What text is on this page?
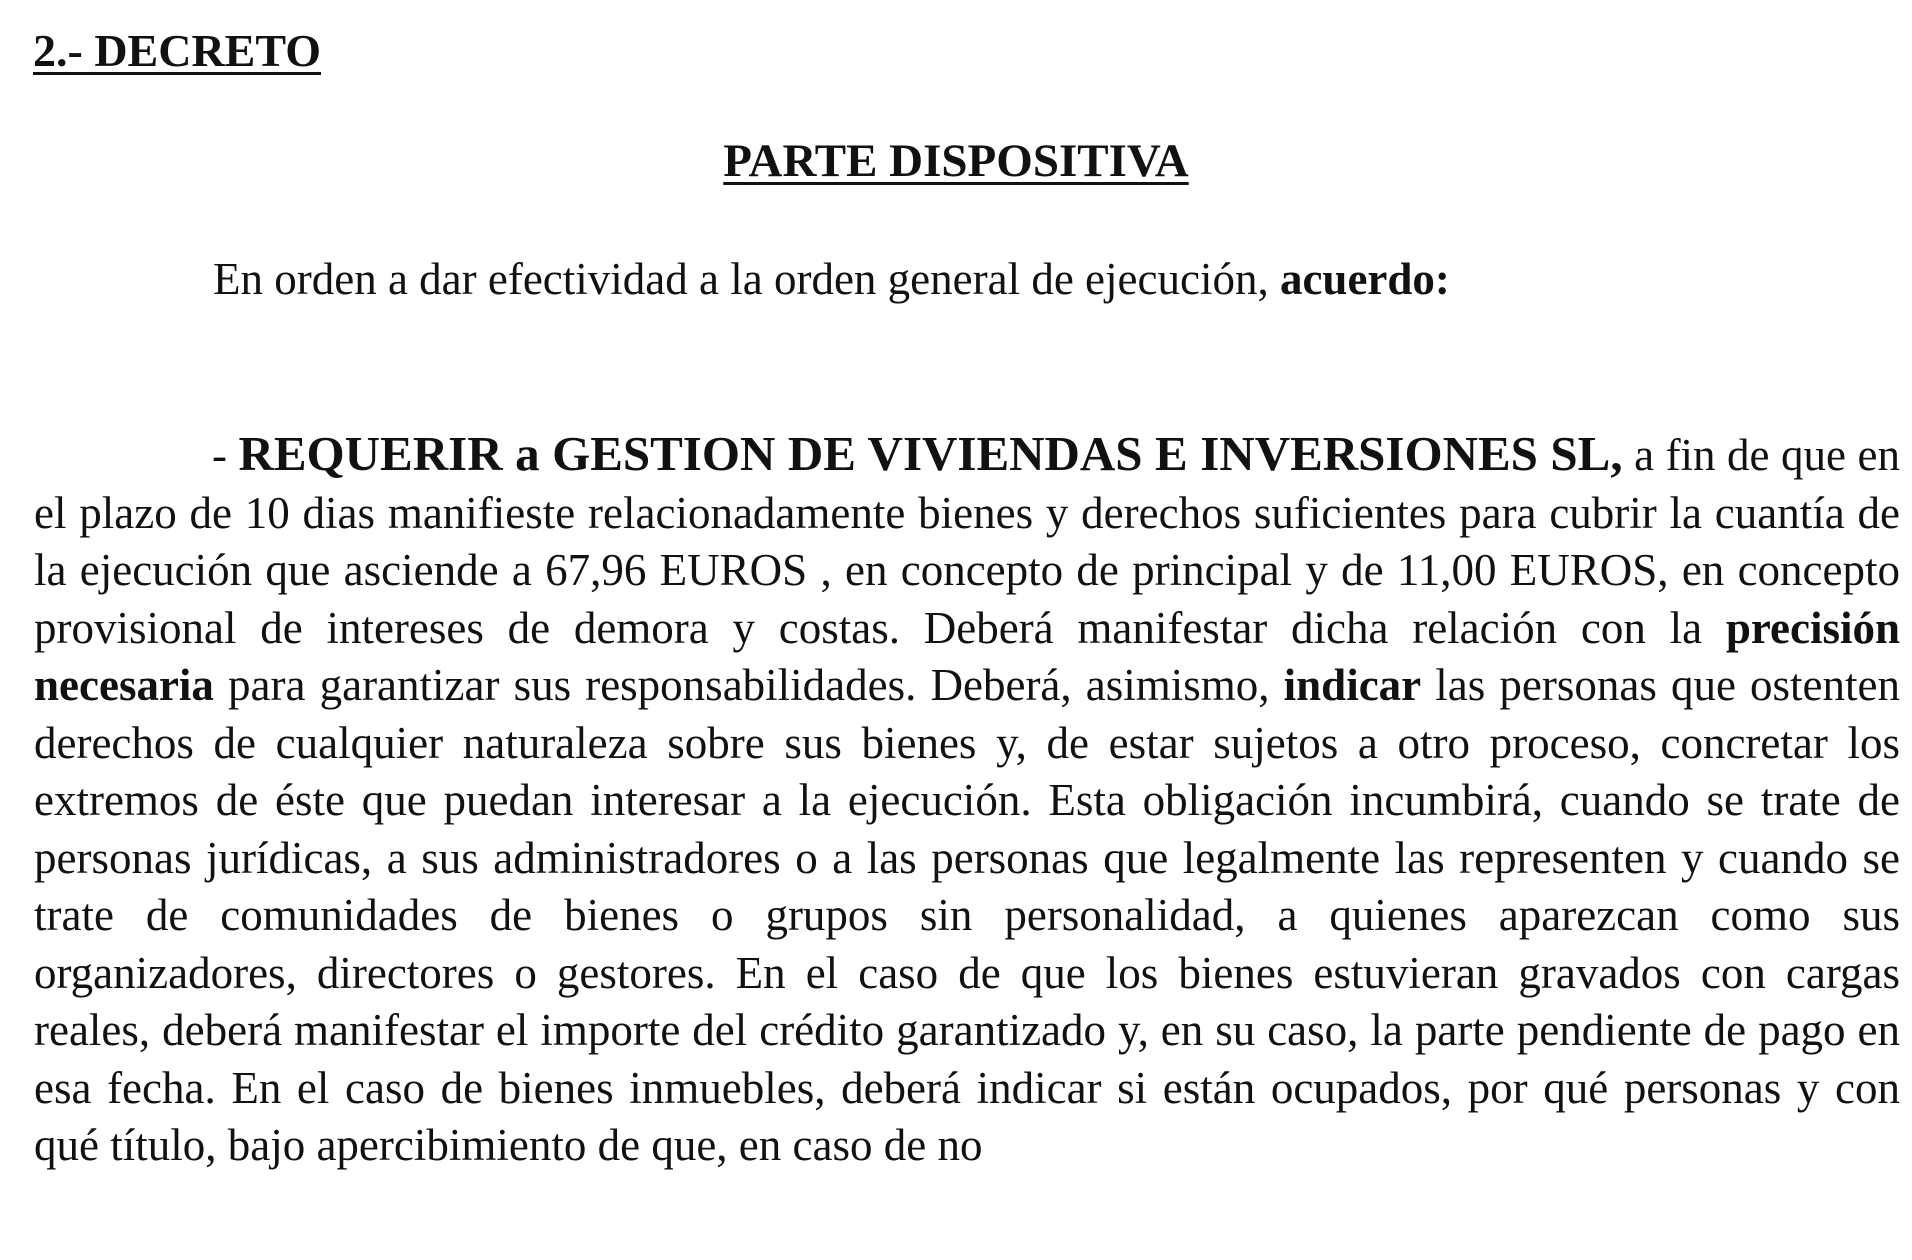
2.- DECRETO
PARTE DISPOSITIVA

En orden a dar efectividad a la orden general de ejecución, acuerdo:

- REQUERIR a GESTION DE VIVIENDAS E INVERSIONES SL, a fin de que en el plazo de 10 dias manifieste relacionadamente bienes y derechos suficientes para cubrir la cuantía de la ejecución que asciende a 67,96 EUROS , en concepto de principal y de 11,00 EUROS, en concepto provisional de intereses de demora y costas. Deberá manifestar dicha relación con la precisión necesaria para garantizar sus responsabilidades. Deberá, asimismo, indicar las personas que ostenten derechos de cualquier naturaleza sobre sus bienes y, de estar sujetos a otro proceso, concretar los extremos de éste que puedan interesar a la ejecución. Esta obligación incumbirá, cuando se trate de personas jurídicas, a sus administradores o a las personas que legalmente las representen y cuando se trate de comunidades de bienes o grupos sin personalidad, a quienes aparezcan como sus organizadores, directores o gestores. En el caso de que los bienes estuvieran gravados con cargas reales, deberá manifestar el importe del crédito garantizado y, en su caso, la parte pendiente de pago en esa fecha. En el caso de bienes inmuebles, deberá indicar si están ocupados, por qué personas y con qué título, bajo apercibimiento de que, en caso de no
